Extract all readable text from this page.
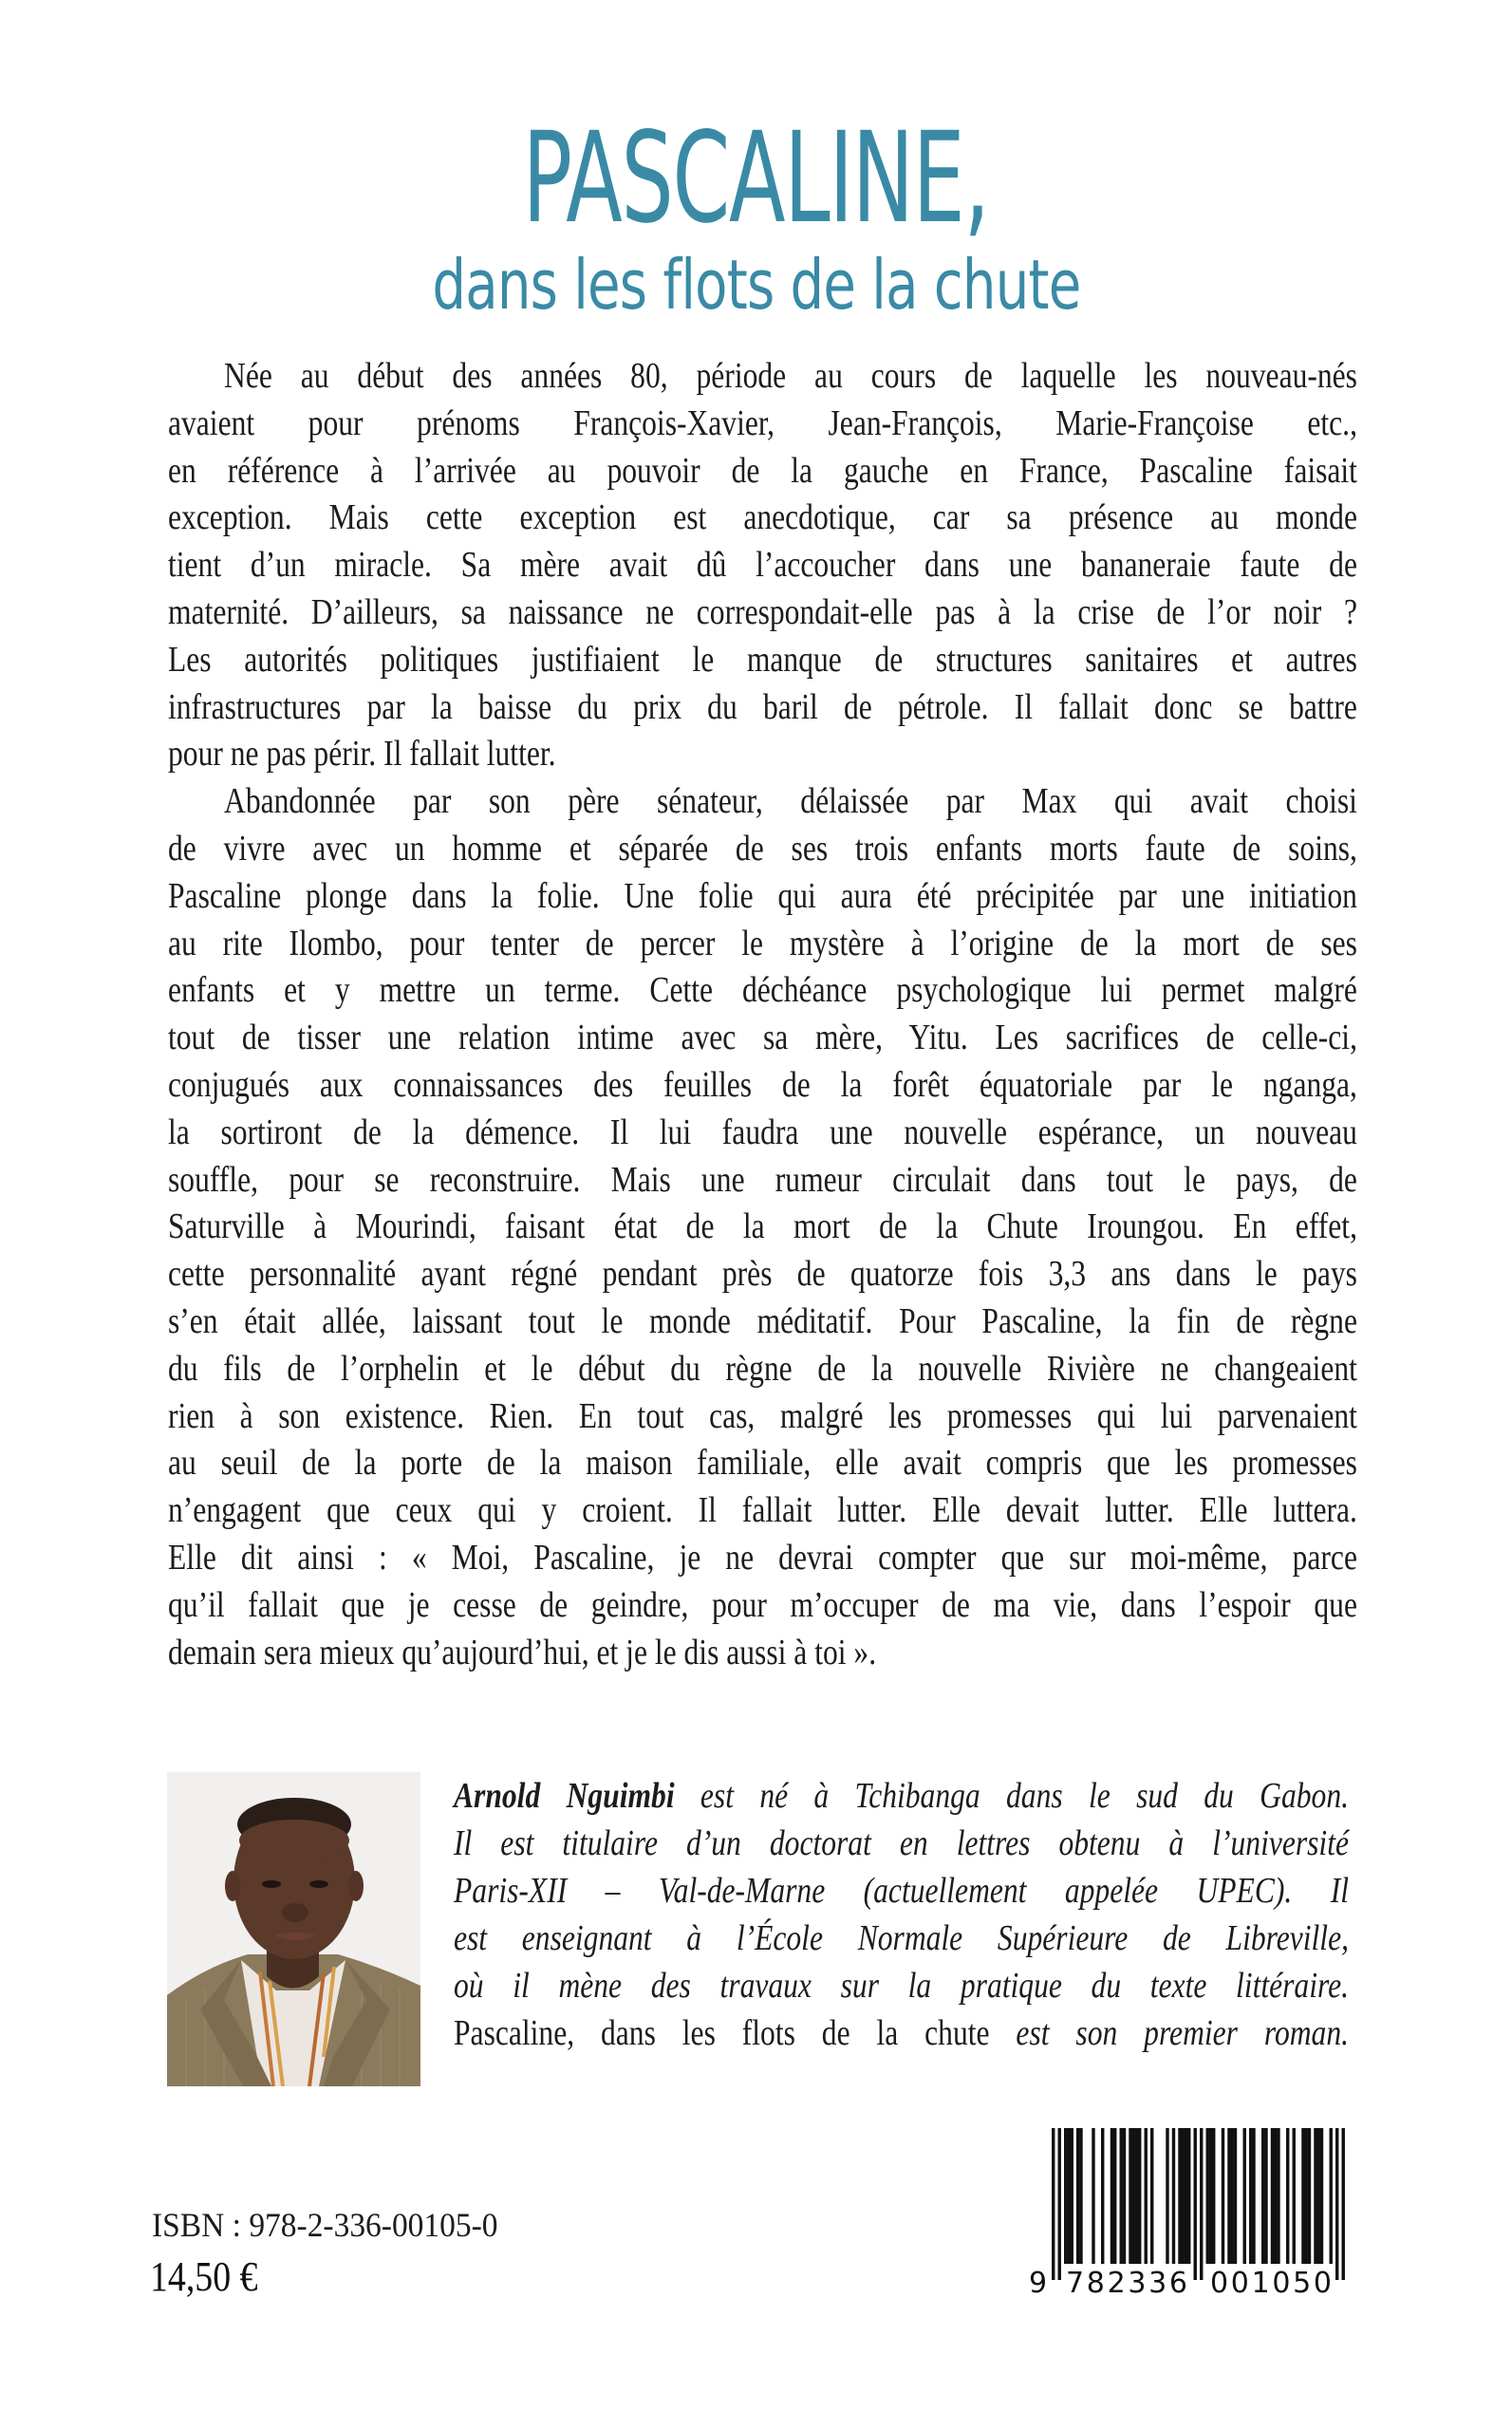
PASCALINE,
dans les flots de la chute
Née au début des années 80, période au cours de laquelle les nouveau-nés
avaient pour prénoms François-Xavier, Jean-François, Marie-Françoise etc.,
en référence à l’arrivée au pouvoir de la gauche en France, Pascaline faisait
exception. Mais cette exception est anecdotique, car sa présence au monde
tient d’un miracle. Sa mère avait dû l’accoucher dans une bananeraie faute de
maternité. D’ailleurs, sa naissance ne correspondait-elle pas à la crise de l’or noir ?
Les autorités politiques justifiaient le manque de structures sanitaires et autres
infrastructures par la baisse du prix du baril de pétrole. Il fallait donc se battre
pour ne pas périr. Il fallait lutter.
Abandonnée par son père sénateur, délaissée par Max qui avait choisi
de vivre avec un homme et séparée de ses trois enfants morts faute de soins,
Pascaline plonge dans la folie. Une folie qui aura été précipitée par une initiation
au rite Ilombo, pour tenter de percer le mystère à l’origine de la mort de ses
enfants et y mettre un terme. Cette déchéance psychologique lui permet malgré
tout de tisser une relation intime avec sa mère, Yitu. Les sacrifices de celle-ci,
conjugués aux connaissances des feuilles de la forêt équatoriale par le nganga,
la sortiront de la démence. Il lui faudra une nouvelle espérance, un nouveau
souffle, pour se reconstruire. Mais une rumeur circulait dans tout le pays, de
Saturville à Mourindi, faisant état de la mort de la Chute Iroungou. En effet,
cette personnalité ayant régné pendant près de quatorze fois 3,3 ans dans le pays
s’en était allée, laissant tout le monde méditatif. Pour Pascaline, la fin de règne
du fils de l’orphelin et le début du règne de la nouvelle Rivière ne changeaient
rien à son existence. Rien. En tout cas, malgré les promesses qui lui parvenaient
au seuil de la porte de la maison familiale, elle avait compris que les promesses
n’engagent que ceux qui y croient. Il fallait lutter. Elle devait lutter. Elle luttera.
Elle dit ainsi : « Moi, Pascaline, je ne devrai compter que sur moi-même, parce
qu’il fallait que je cesse de geindre, pour m’occuper de ma vie, dans l’espoir que
demain sera mieux qu’aujourd’hui, et je le dis aussi à toi ».
Arnold Nguimbi est né à Tchibanga dans le sud du Gabon.
Il est titulaire d’un doctorat en lettres obtenu à l’université
Paris-XII – Val-de-Marne (actuellement appelée UPEC). Il
est enseignant à l’École Normale Supérieure de Libreville,
où il mène des travaux sur la pratique du texte littéraire.
Pascaline, dans les flots de la chute est son premier roman.
ISBN : 978-2-336-00105-0
14,50 €	9 782336 001050
